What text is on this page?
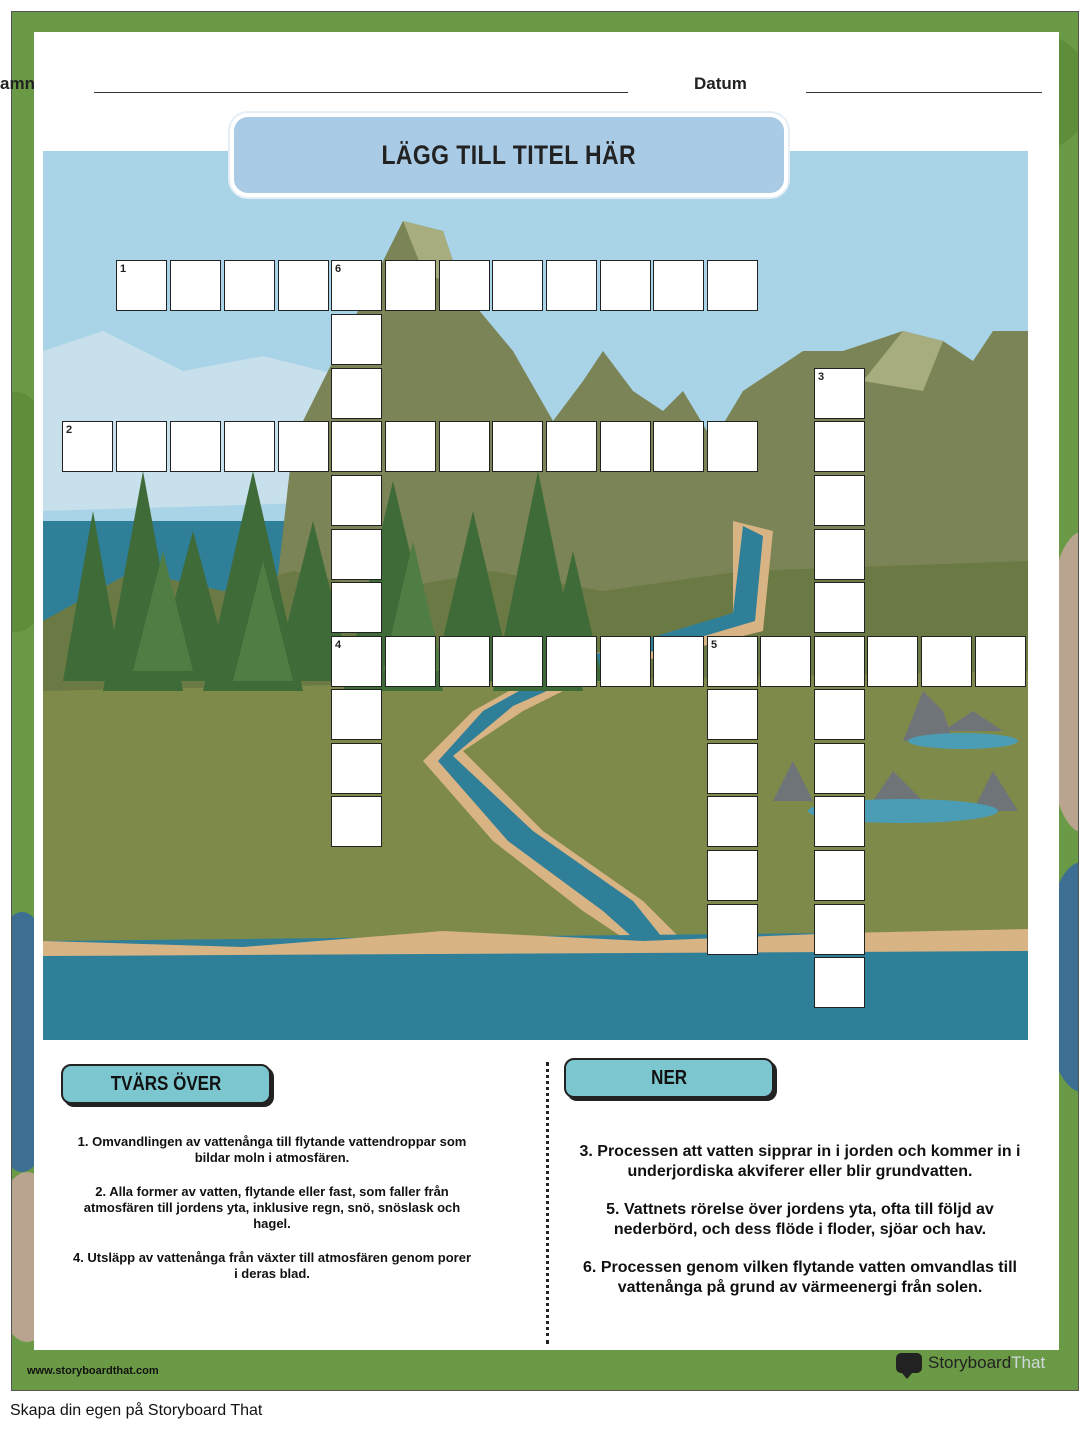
amn	Datum
LÄGG TILL TITEL HÄR
1	6
3
2
4	5
TVÄRS ÖVER	NER

1. Omvandlingen av vattenånga till flytande vattendroppar som bildar moln i atmosfären.

2. Alla former av vatten, flytande eller fast, som faller från atmosfären till jordens yta, inklusive regn, snö, snöslask och hagel.

4. Utsläpp av vattenånga från växter till atmosfären genom porer i deras blad.

3. Processen att vatten sipprar in i jorden och kommer in i underjordiska akviferer eller blir grundvatten.

5. Vattnets rörelse över jordens yta, ofta till följd av nederbörd, och dess flöde i floder, sjöar och hav.

6. Processen genom vilken flytande vatten omvandlas till vattenånga på grund av värmeenergi från solen.

www.storyboardthat.com	Storyboard That
Skapa din egen på Storyboard That
